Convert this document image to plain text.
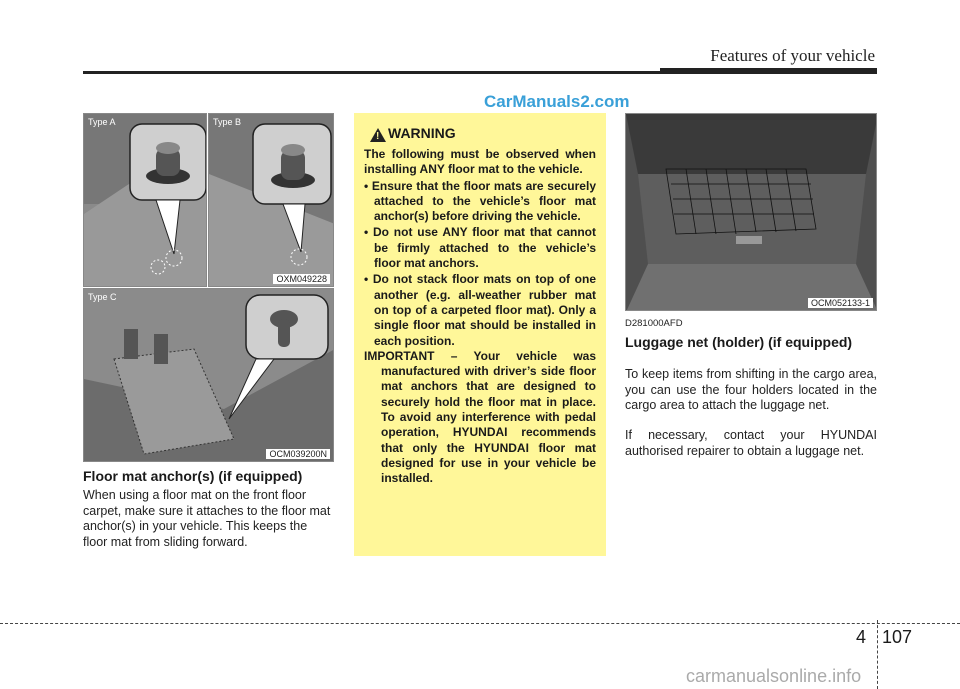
Features of your vehicle
CarManuals2.com
Type A	Type B
OXM049228
Type C
OCM039200N
Floor mat anchor(s) (if equipped)
When using a floor mat on the front floor carpet, make sure it attaches to the floor mat anchor(s) in your vehicle. This keeps the floor mat from sliding forward.
! WARNING

The following must be observed when installing ANY floor mat to the vehicle.

• Ensure that the floor mats are securely attached to the vehicle’s floor mat anchor(s) before driving the vehicle.
• Do not use ANY floor mat that cannot be firmly attached to the vehicle’s floor mat anchors.
• Do not stack floor mats on top of one another (e.g. all-weather rubber mat on top of a carpeted floor mat). Only a single floor mat should be installed in each position.

IMPORTANT – Your vehicle was manufactured with driver’s side floor mat anchors that are designed to securely hold the floor mat in place. To avoid any interference with pedal operation, HYUNDAI recommends that only the HYUNDAI floor mat designed for use in your vehicle be installed.

OCM052133-1
D281000AFD
Luggage net (holder) (if equipped)
To keep items from shifting in the cargo area, you can use the four holders located in the cargo area to attach the luggage net.
If necessary, contact your HYUNDAI authorised repairer to obtain a luggage net.
4 107
carmanualsonline.info
